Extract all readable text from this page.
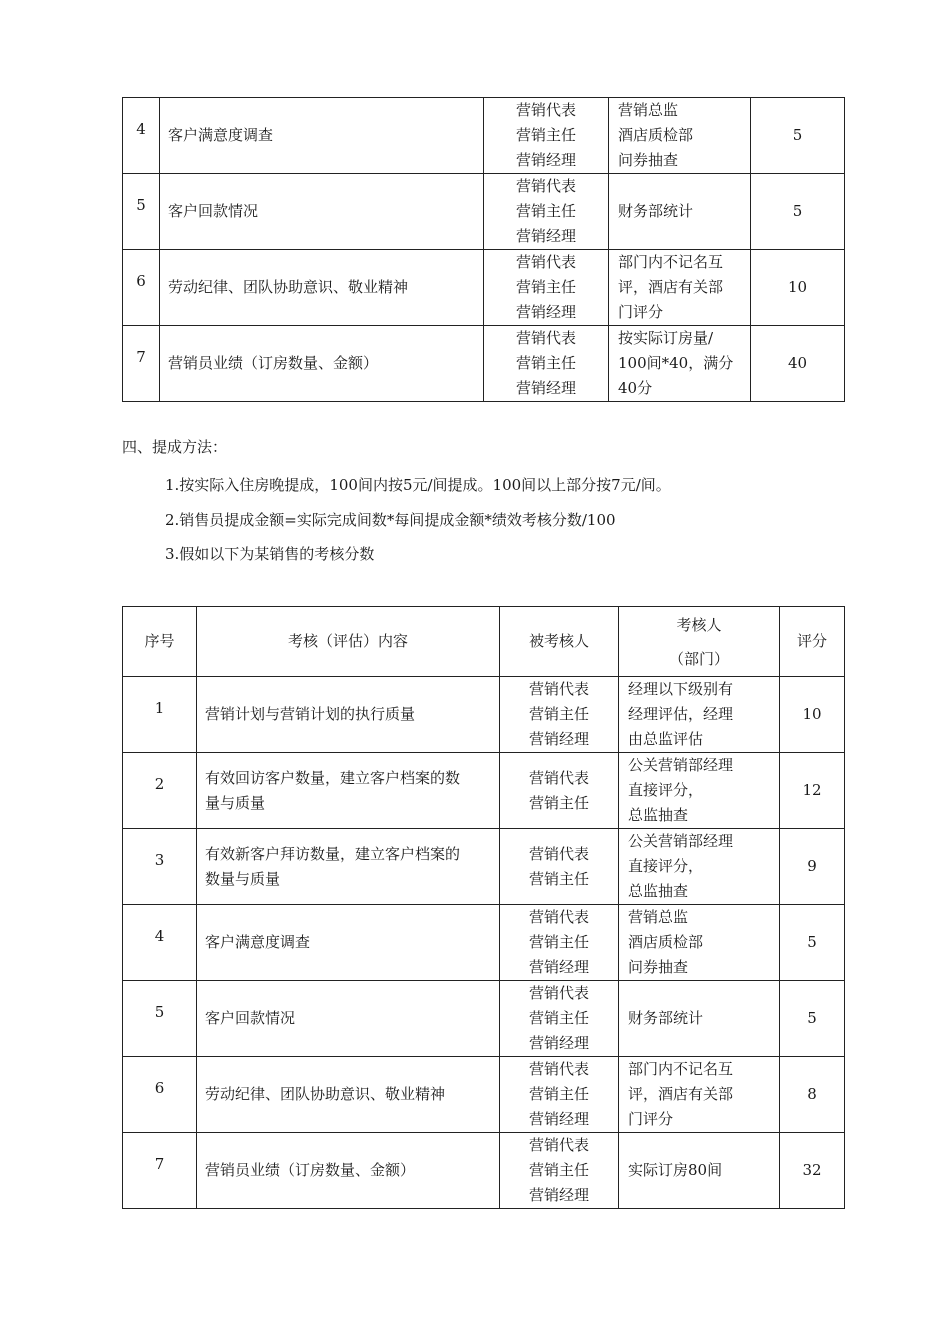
4	客户满意度调查	营销代表
营销主任
营销经理	营销总监
酒店质检部
问券抽查	5
5	客户回款情况	营销代表
营销主任
营销经理	财务部统计	5
6	劳动纪律、团队协助意识、敬业精神	营销代表
营销主任
营销经理	部门内不记名互
评，酒店有关部
门评分	10
7	营销员业绩（订房数量、金额）	营销代表
营销主任
营销经理	按实际订房量/
100间*40，满分
40分	40
四、提成方法：
1.按实际入住房晚提成，100间内按5元/间提成。100间以上部分按7元/间。
2.销售员提成金额=实际完成间数*每间提成金额*绩效考核分数/100
3.假如以下为某销售的考核分数
序号	考核（评估）内容	被考核人	考核人
（部门）	评分
1	营销计划与营销计划的执行质量	营销代表
营销主任
营销经理	经理以下级别有
经理评估，经理
由总监评估	10
2	有效回访客户数量，建立客户档案的数
量与质量	营销代表
营销主任	公关营销部经理
直接评分，
总监抽查	12
3	有效新客户拜访数量，建立客户档案的
数量与质量	营销代表
营销主任	公关营销部经理
直接评分，
总监抽查	9
4	客户满意度调查	营销代表
营销主任
营销经理	营销总监
酒店质检部
问券抽查	5
5	客户回款情况	营销代表
营销主任
营销经理	财务部统计	5
6	劳动纪律、团队协助意识、敬业精神	营销代表
营销主任
营销经理	部门内不记名互
评，酒店有关部
门评分	8
7	营销员业绩（订房数量、金额）	营销代表
营销主任
营销经理	实际订房80间	32
